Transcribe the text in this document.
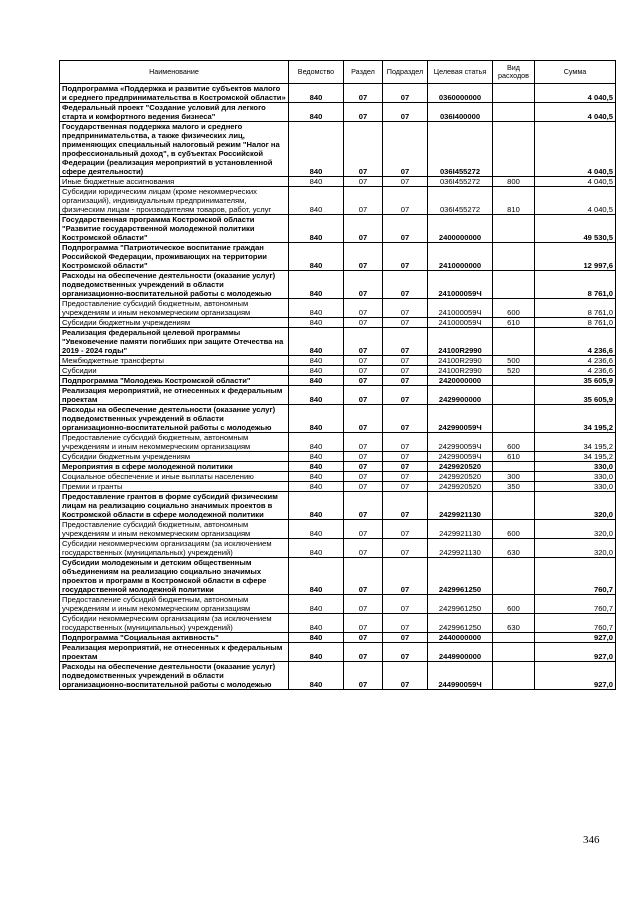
Наименование	Ведомство	Раздел	Подраздел	Целевая статья	Вид расходов	Сумма
Подпрограмма «Поддержка и развитие субъектов малого и среднего предпринимательства в Костромской области»	840	07	07	0360000000		4 040,5
Федеральный проект "Создание условий для легкого старта и комфортного ведения бизнеса"	840	07	07	036I400000		4 040,5
Государственная поддержка малого и среднего предпринимательства, а также физических лиц, применяющих специальный налоговый режим "Налог на профессиональный доход", в субъектах Российской Федерации (реализация мероприятий в установленной сфере деятельности)	840	07	07	036I455272		4 040,5
Иные бюджетные ассигнования	840	07	07	036I455272	800	4 040,5
Субсидии юридическим лицам (кроме некоммерческих организаций), индивидуальным предпринимателям, физическим лицам - производителям товаров, работ, услуг	840	07	07	036I455272	810	4 040,5
Государственная программа Костромской области "Развитие государственной молодежной политики Костромской области"	840	07	07	2400000000		49 530,5
Подпрограмма "Патриотическое воспитание граждан Российской Федерации, проживающих на территории Костромской области"	840	07	07	2410000000		12 997,6
Расходы на обеспечение деятельности (оказание услуг) подведомственных учреждений в области организационно-воспитательной работы с молодежью	840	07	07	241000059Ч		8 761,0
Предоставление субсидий бюджетным, автономным учреждениям и иным некоммерческим организациям	840	07	07	241000059Ч	600	8 761,0
Субсидии бюджетным учреждениям	840	07	07	241000059Ч	610	8 761,0
Реализация федеральной целевой программы "Увековечение памяти погибших при защите Отечества на 2019 - 2024 годы"	840	07	07	24100R2990		4 236,6
Межбюджетные трансферты	840	07	07	24100R2990	500	4 236,6
Субсидии	840	07	07	24100R2990	520	4 236,6
Подпрограмма "Молодежь Костромской области"	840	07	07	2420000000		35 605,9
Реализация мероприятий, не отнесенных к федеральным проектам	840	07	07	2429900000		35 605,9
Расходы на обеспечение деятельности (оказание услуг) подведомственных учреждений в области организационно-воспитательной работы с молодежью	840	07	07	242990059Ч		34 195,2
Предоставление субсидий бюджетным, автономным учреждениям и иным некоммерческим организациям	840	07	07	242990059Ч	600	34 195,2
Субсидии бюджетным учреждениям	840	07	07	242990059Ч	610	34 195,2
Мероприятия в сфере молодежной политики	840	07	07	2429920520		330,0
Социальное обеспечение и иные выплаты населению	840	07	07	2429920520	300	330,0
Премии и гранты	840	07	07	2429920520	350	330,0
Предоставление грантов в форме субсидий физическим лицам на реализацию социально значимых проектов в Костромской области в сфере молодежной политики	840	07	07	2429921130		320,0
Предоставление субсидий бюджетным, автономным учреждениям и иным некоммерческим организациям	840	07	07	2429921130	600	320,0
Субсидии некоммерческим организациям (за исключением государственных (муниципальных) учреждений)	840	07	07	2429921130	630	320,0
Субсидии молодежным и детским общественным объединениям на реализацию социально значимых проектов и программ в Костромской области в сфере государственной молодежной политики	840	07	07	2429961250		760,7
Предоставление субсидий бюджетным, автономным учреждениям и иным некоммерческим организациям	840	07	07	2429961250	600	760,7
Субсидии некоммерческим организациям (за исключением государственных (муниципальных) учреждений)	840	07	07	2429961250	630	760,7
Подпрограмма "Социальная активность"	840	07	07	2440000000		927,0
Реализация мероприятий, не отнесенных к федеральным проектам	840	07	07	2449900000		927,0
Расходы на обеспечение деятельности (оказание услуг) подведомственных учреждений в области организационно-воспитательной работы с молодежью	840	07	07	244990059Ч		927,0
346
